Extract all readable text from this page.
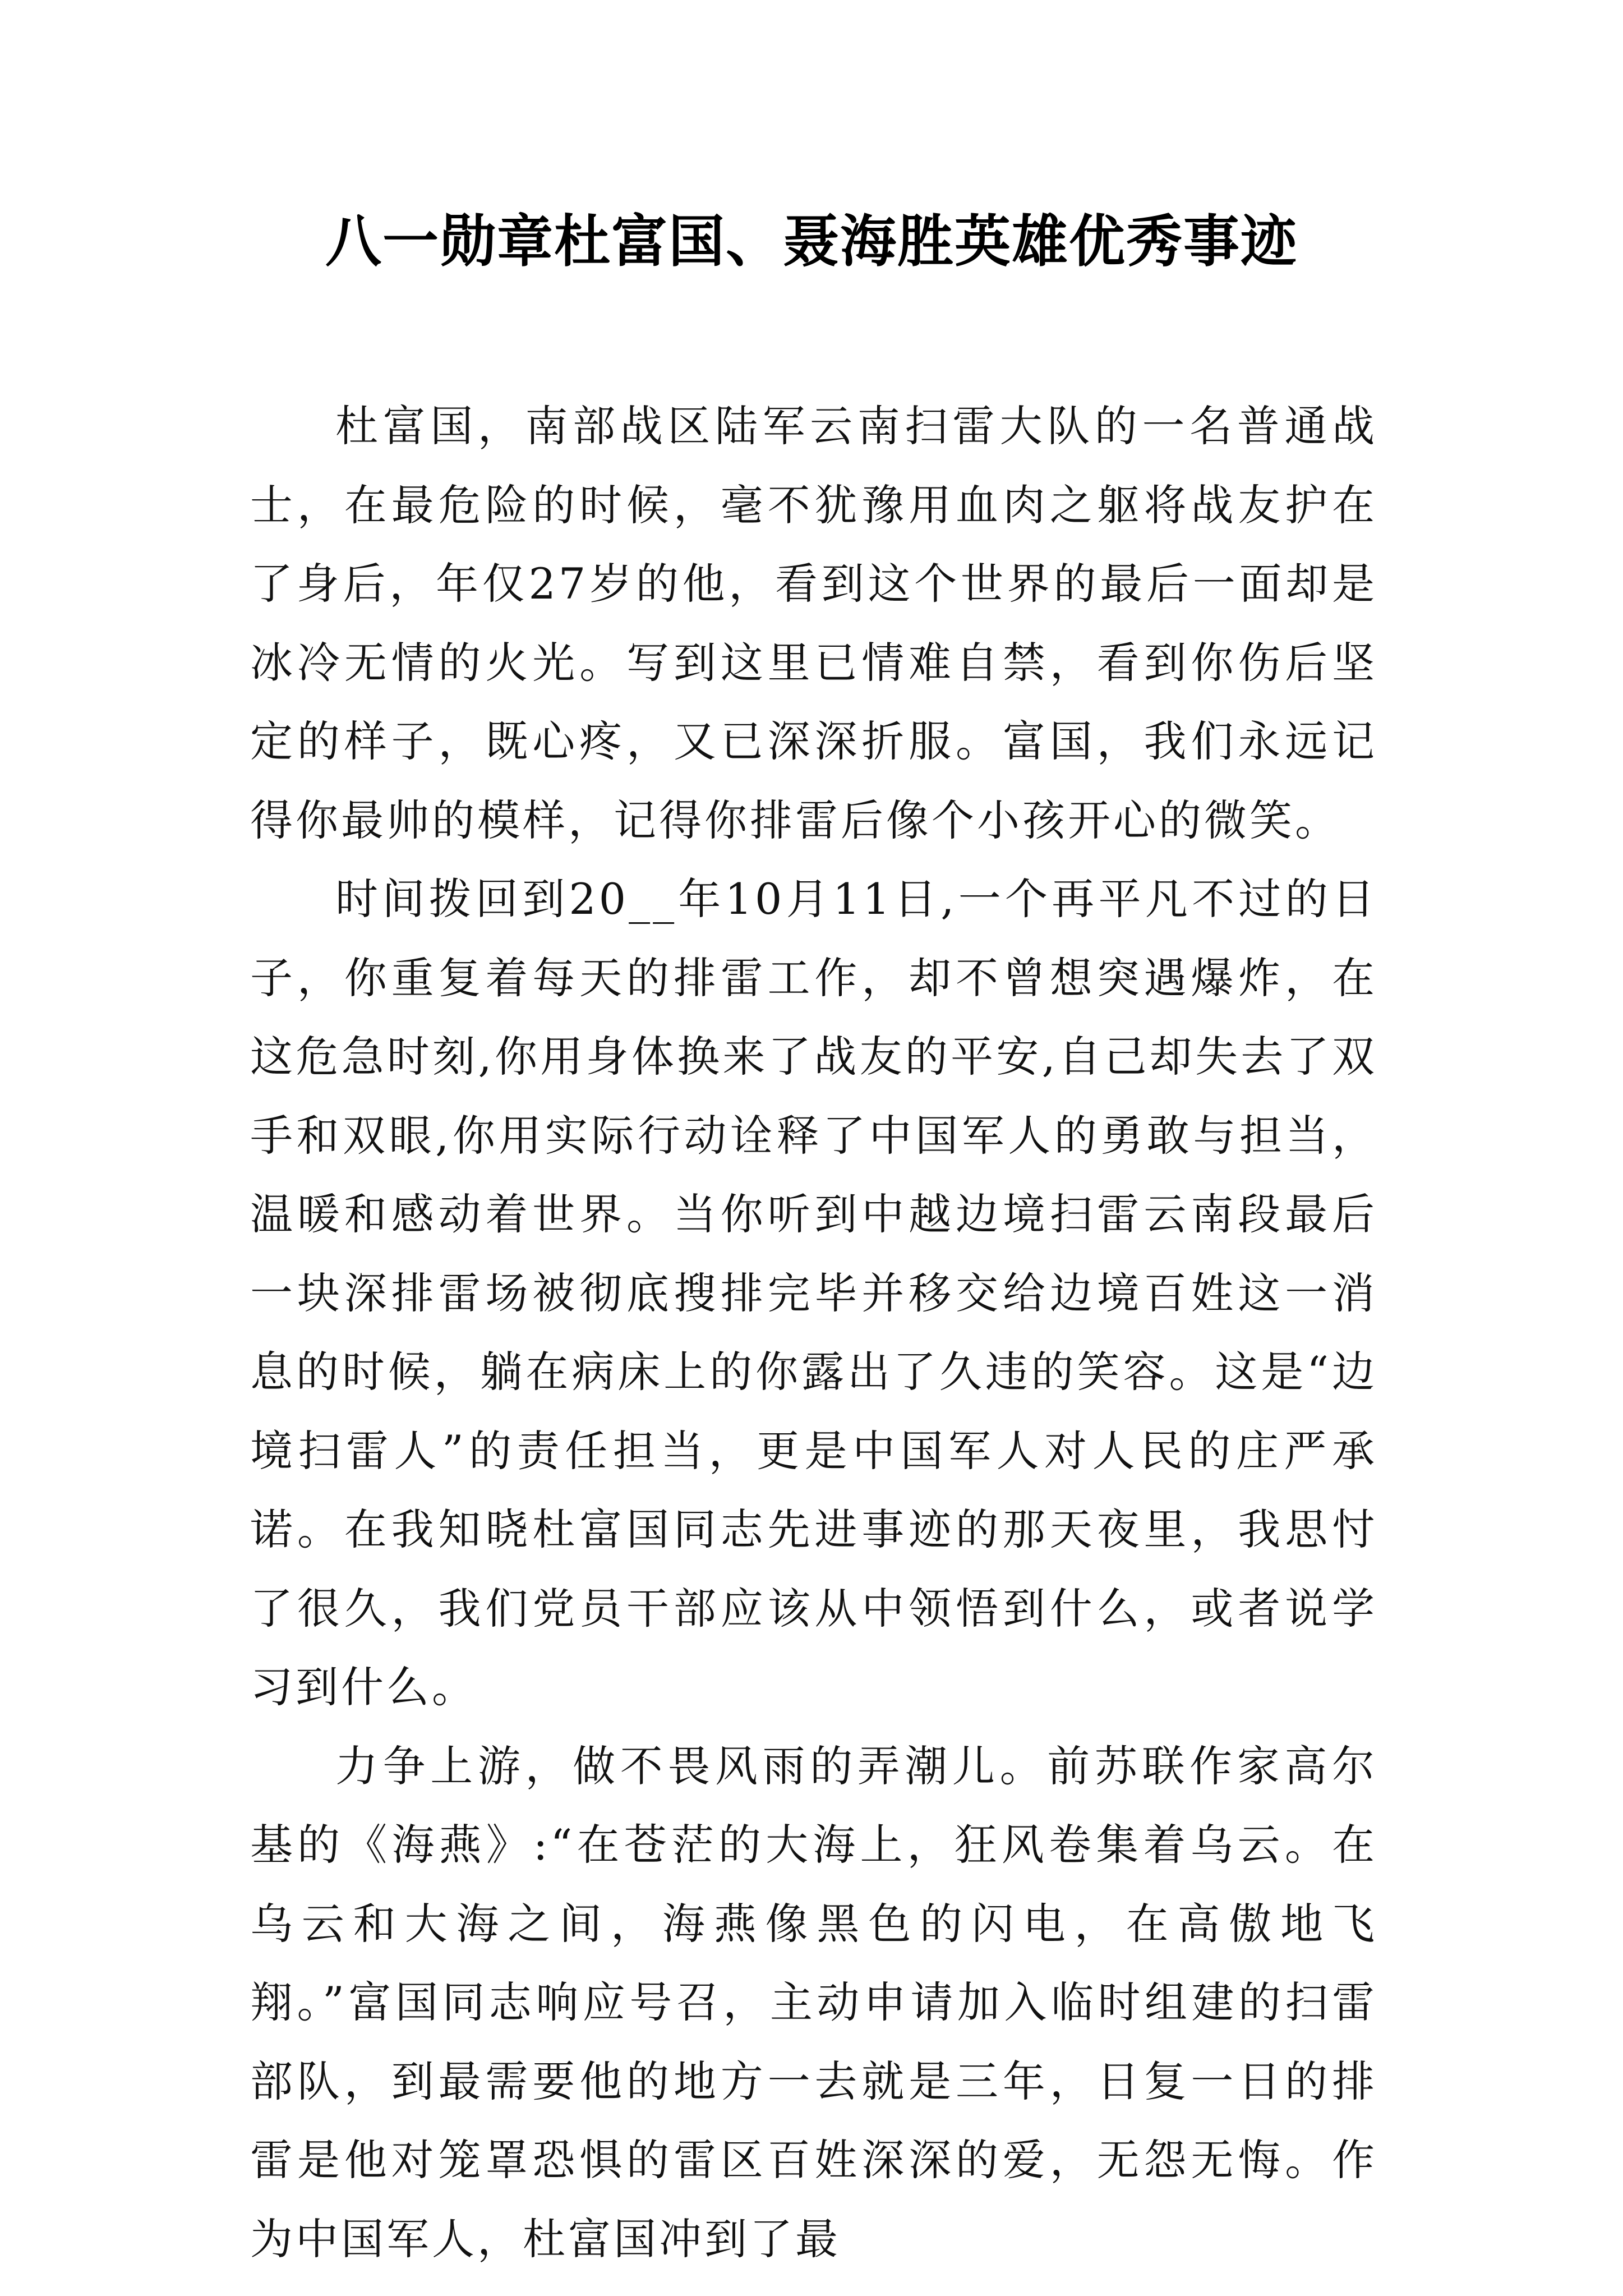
八一勋章杜富国、聂海胜英雄优秀事迹

杜富国，南部战区陆军云南扫雷大队的一名普通战士，在最危险的时候，毫不犹豫用血肉之躯将战友护在了身后，年仅27岁的他，看到这个世界的最后一面却是冰冷无情的火光。写到这里已情难自禁，看到你伤后坚定的样子，既心疼，又已深深折服。富国，我们永远记得你最帅的模样，记得你排雷后像个小孩开心的微笑。

时间拨回到20__年10月11日,一个再平凡不过的日子，你重复着每天的排雷工作，却不曾想突遇爆炸，在这危急时刻,你用身体换来了战友的平安,自己却失去了双手和双眼,你用实际行动诠释了中国军人的勇敢与担当，温暖和感动着世界。当你听到中越边境扫雷云南段最后一块深排雷场被彻底搜排完毕并移交给边境百姓这一消息的时候，躺在病床上的你露出了久违的笑容。这是“边境扫雷人”的责任担当，更是中国军人对人民的庄严承诺。在我知晓杜富国同志先进事迹的那天夜里，我思忖了很久，我们党员干部应该从中领悟到什么，或者说学习到什么。

力争上游，做不畏风雨的弄潮儿。前苏联作家高尔基的《海燕》:“在苍茫的大海上，狂风卷集着乌云。在乌云和大海之间，海燕像黑色的闪电，在高傲地飞翔。”富国同志响应号召，主动申请加入临时组建的扫雷部队，到最需要他的地方一去就是三年，日复一日的排雷是他对笼罩恐惧的雷区百姓深深的爱，无怨无悔。作为中国军人，杜富国冲到了最
